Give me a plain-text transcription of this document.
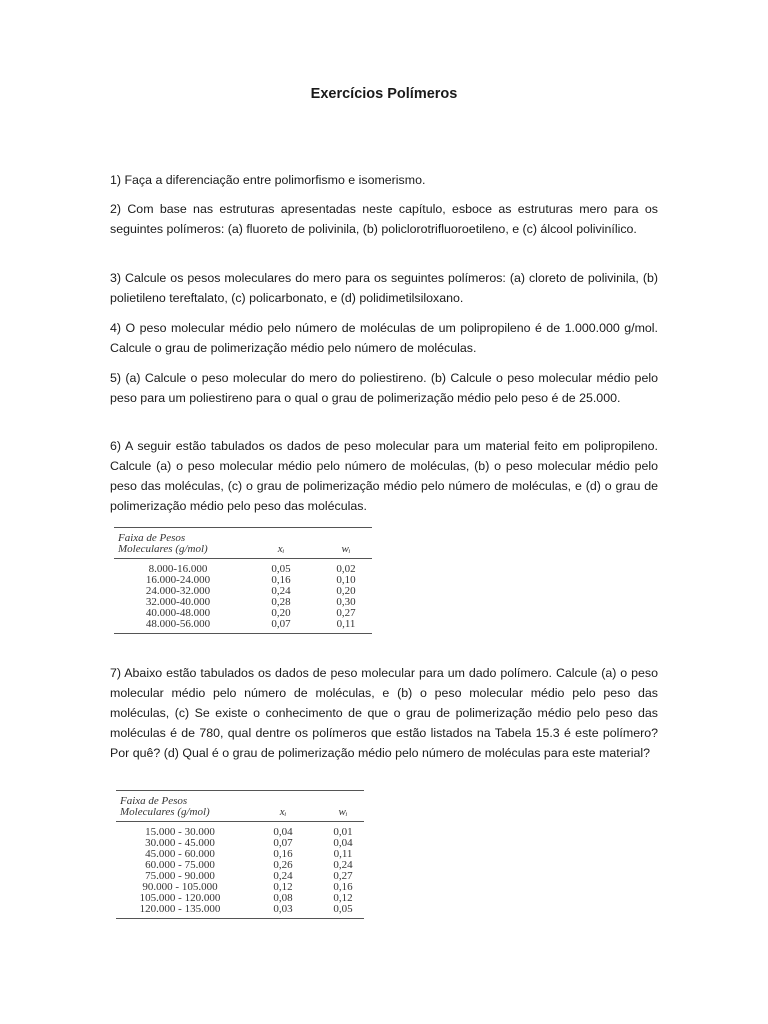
Exercícios Polímeros

1) Faça a diferenciação entre polimorfismo e isomerismo.

2) Com base nas estruturas apresentadas neste capítulo, esboce as estruturas mero para os seguintes polímeros: (a) fluoreto de polivinila, (b) policlorotrifluoroetileno, e (c) álcool polivinílico.

3) Calcule os pesos moleculares do mero para os seguintes polímeros: (a) cloreto de polivinila, (b) polietileno tereftalato, (c) policarbonato, e (d) polidimetilsiloxano.

4) O peso molecular médio pelo número de moléculas de um polipropileno é de 1.000.000 g/mol. Calcule o grau de polimerização médio pelo número de moléculas.

5) (a) Calcule o peso molecular do mero do poliestireno. (b) Calcule o peso molecular médio pelo peso para um poliestireno para o qual o grau de polimerização médio pelo peso é de 25.000.

6) A seguir estão tabulados os dados de peso molecular para um material feito em polipropileno. Calcule (a) o peso molecular médio pelo número de moléculas, (b) o peso molecular médio pelo peso das moléculas, (c) o grau de polimerização médio pelo número de moléculas, e (d) o grau de polimerização médio pelo peso das moléculas.

Faixa de Pesos
Moleculares (g/mol)	xᵢ	wᵢ
8.000-16.000	0,05	0,02
16.000-24.000	0,16	0,10
24.000-32.000	0,24	0,20
32.000-40.000	0,28	0,30
40.000-48.000	0,20	0,27
48.000-56.000	0,07	0,11

7) Abaixo estão tabulados os dados de peso molecular para um dado polímero. Calcule (a) o peso molecular médio pelo número de moléculas, e (b) o peso molecular médio pelo peso das moléculas, (c) Se existe o conhecimento de que o grau de polimerização médio pelo peso das moléculas é de 780, qual dentre os polímeros que estão listados na Tabela 15.3 é este polímero? Por quê? (d) Qual é o grau de polimerização médio pelo número de moléculas para este material?

Faixa de Pesos
Moleculares (g/mol)	xᵢ	wᵢ
15.000 - 30.000	0,04	0,01
30.000 - 45.000	0,07	0,04
45.000 - 60.000	0,16	0,11
60.000 - 75.000	0,26	0,24
75.000 - 90.000	0,24	0,27
90.000 - 105.000	0,12	0,16
105.000 - 120.000	0,08	0,12
120.000 - 135.000	0,03	0,05
